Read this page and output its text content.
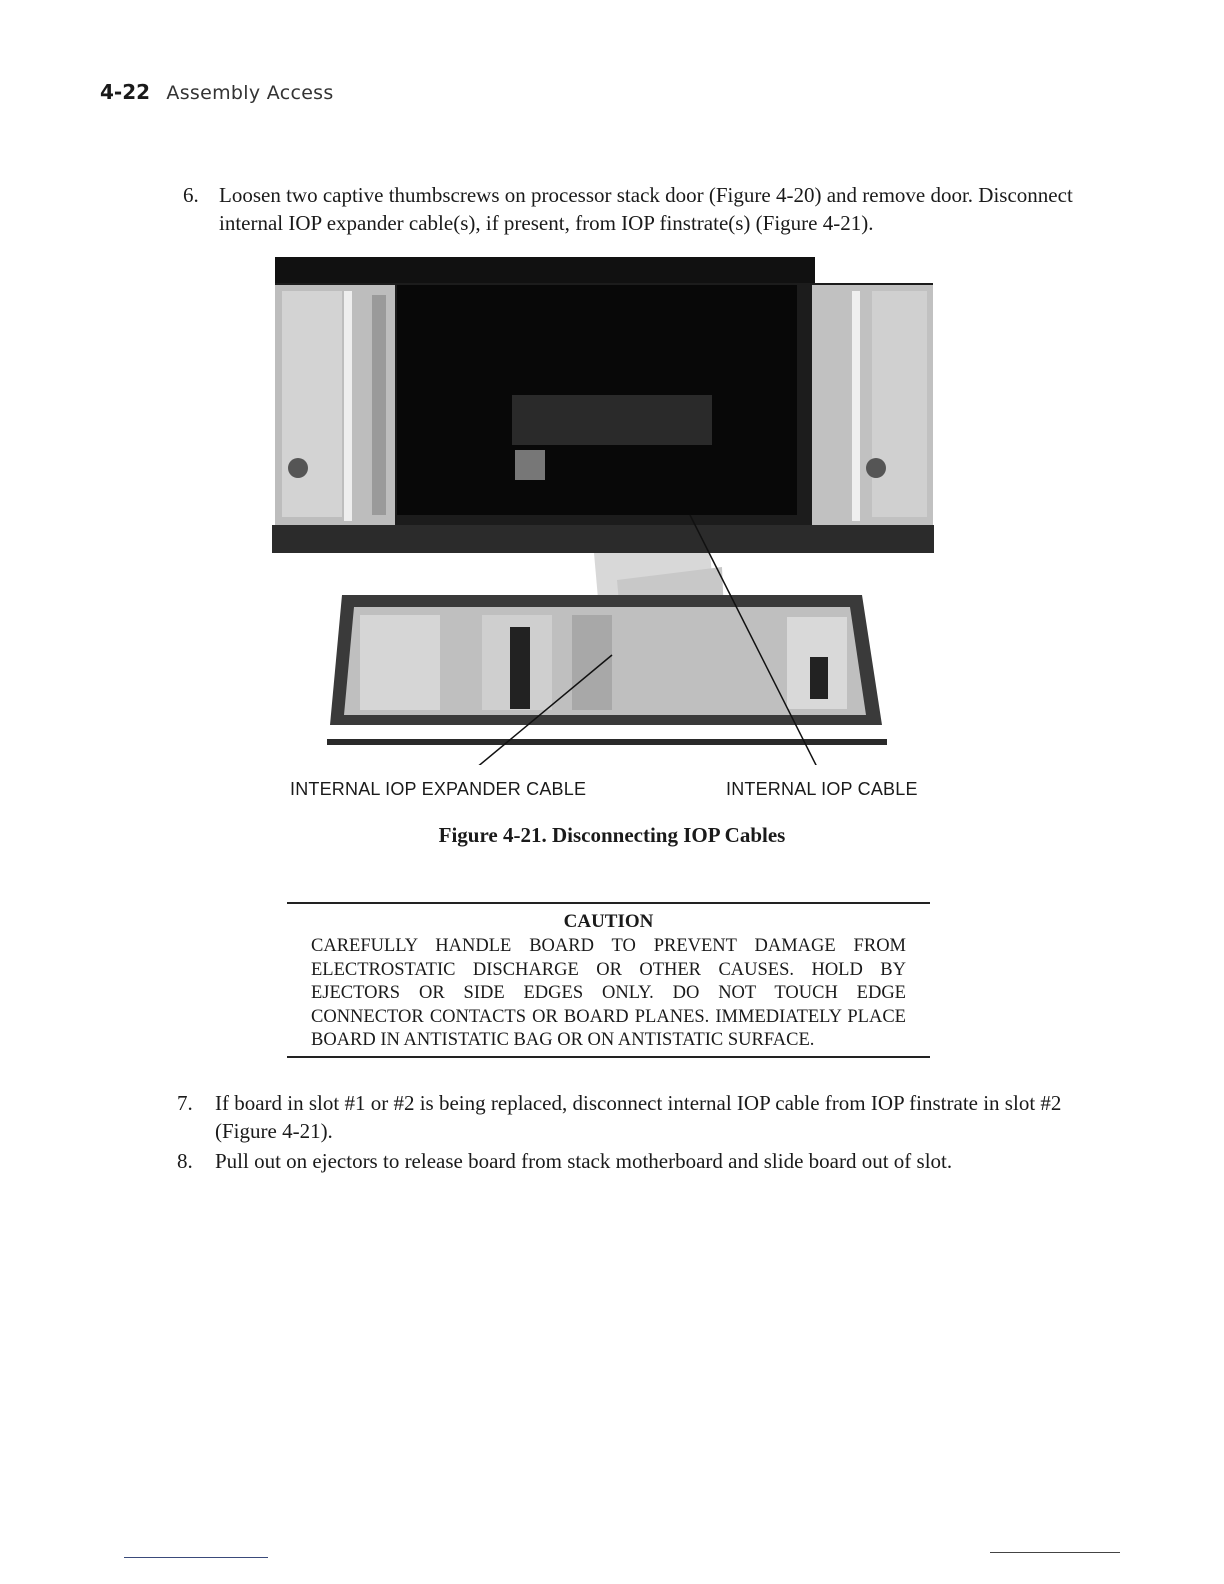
4-22 Assembly Access
6. Loosen two captive thumbscrews on processor stack door (Figure 4-20) and remove door. Disconnect internal IOP expander cable(s), if present, from IOP finstrate(s) (Figure 4-21).
INTERNAL IOP EXPANDER CABLE	INTERNAL IOP CABLE
Figure 4-21. Disconnecting IOP Cables
CAUTION
CAREFULLY HANDLE BOARD TO PREVENT DAMAGE FROM ELECTROSTATIC DISCHARGE OR OTHER CAUSES. HOLD BY EJECTORS OR SIDE EDGES ONLY. DO NOT TOUCH EDGE CONNECTOR CONTACTS OR BOARD PLANES. IMMEDIATELY PLACE BOARD IN ANTISTATIC BAG OR ON ANTISTATIC SURFACE.
7. If board in slot #1 or #2 is being replaced, disconnect internal IOP cable from IOP finstrate in slot #2 (Figure 4-21).
8. Pull out on ejectors to release board from stack motherboard and slide board out of slot.
